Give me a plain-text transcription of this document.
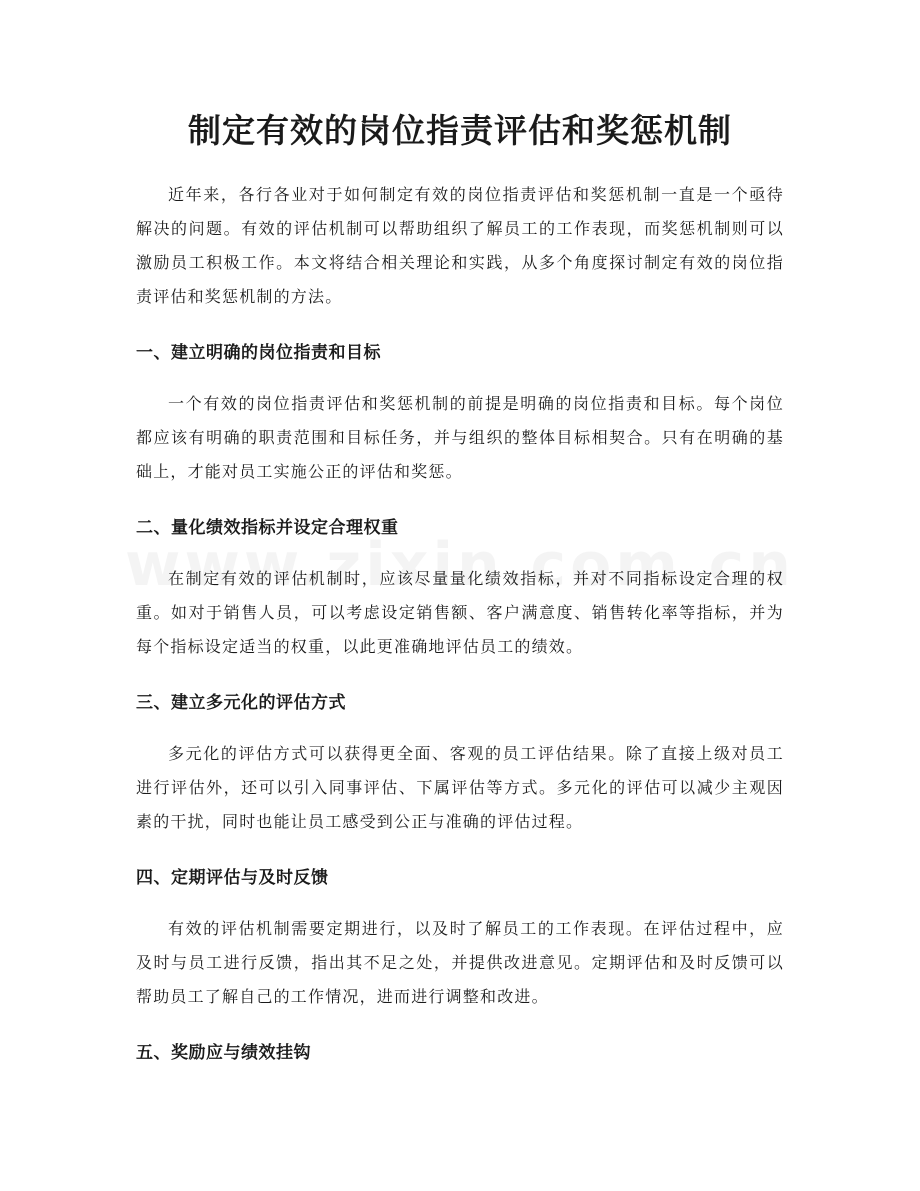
制定有效的岗位指责评估和奖惩机制

近年来，各行各业对于如何制定有效的岗位指责评估和奖惩机制一直是一个亟待解决的问题。有效的评估机制可以帮助组织了解员工的工作表现，而奖惩机制则可以激励员工积极工作。本文将结合相关理论和实践，从多个角度探讨制定有效的岗位指责评估和奖惩机制的方法。

一、建立明确的岗位指责和目标

一个有效的岗位指责评估和奖惩机制的前提是明确的岗位指责和目标。每个岗位都应该有明确的职责范围和目标任务，并与组织的整体目标相契合。只有在明确的基础上，才能对员工实施公正的评估和奖惩。

二、量化绩效指标并设定合理权重

在制定有效的评估机制时，应该尽量量化绩效指标，并对不同指标设定合理的权重。如对于销售人员，可以考虑设定销售额、客户满意度、销售转化率等指标，并为每个指标设定适当的权重，以此更准确地评估员工的绩效。

三、建立多元化的评估方式

多元化的评估方式可以获得更全面、客观的员工评估结果。除了直接上级对员工进行评估外，还可以引入同事评估、下属评估等方式。多元化的评估可以减少主观因素的干扰，同时也能让员工感受到公正与准确的评估过程。

四、定期评估与及时反馈

有效的评估机制需要定期进行，以及时了解员工的工作表现。在评估过程中，应及时与员工进行反馈，指出其不足之处，并提供改进意见。定期评估和及时反馈可以帮助员工了解自己的工作情况，进而进行调整和改进。

五、奖励应与绩效挂钩
